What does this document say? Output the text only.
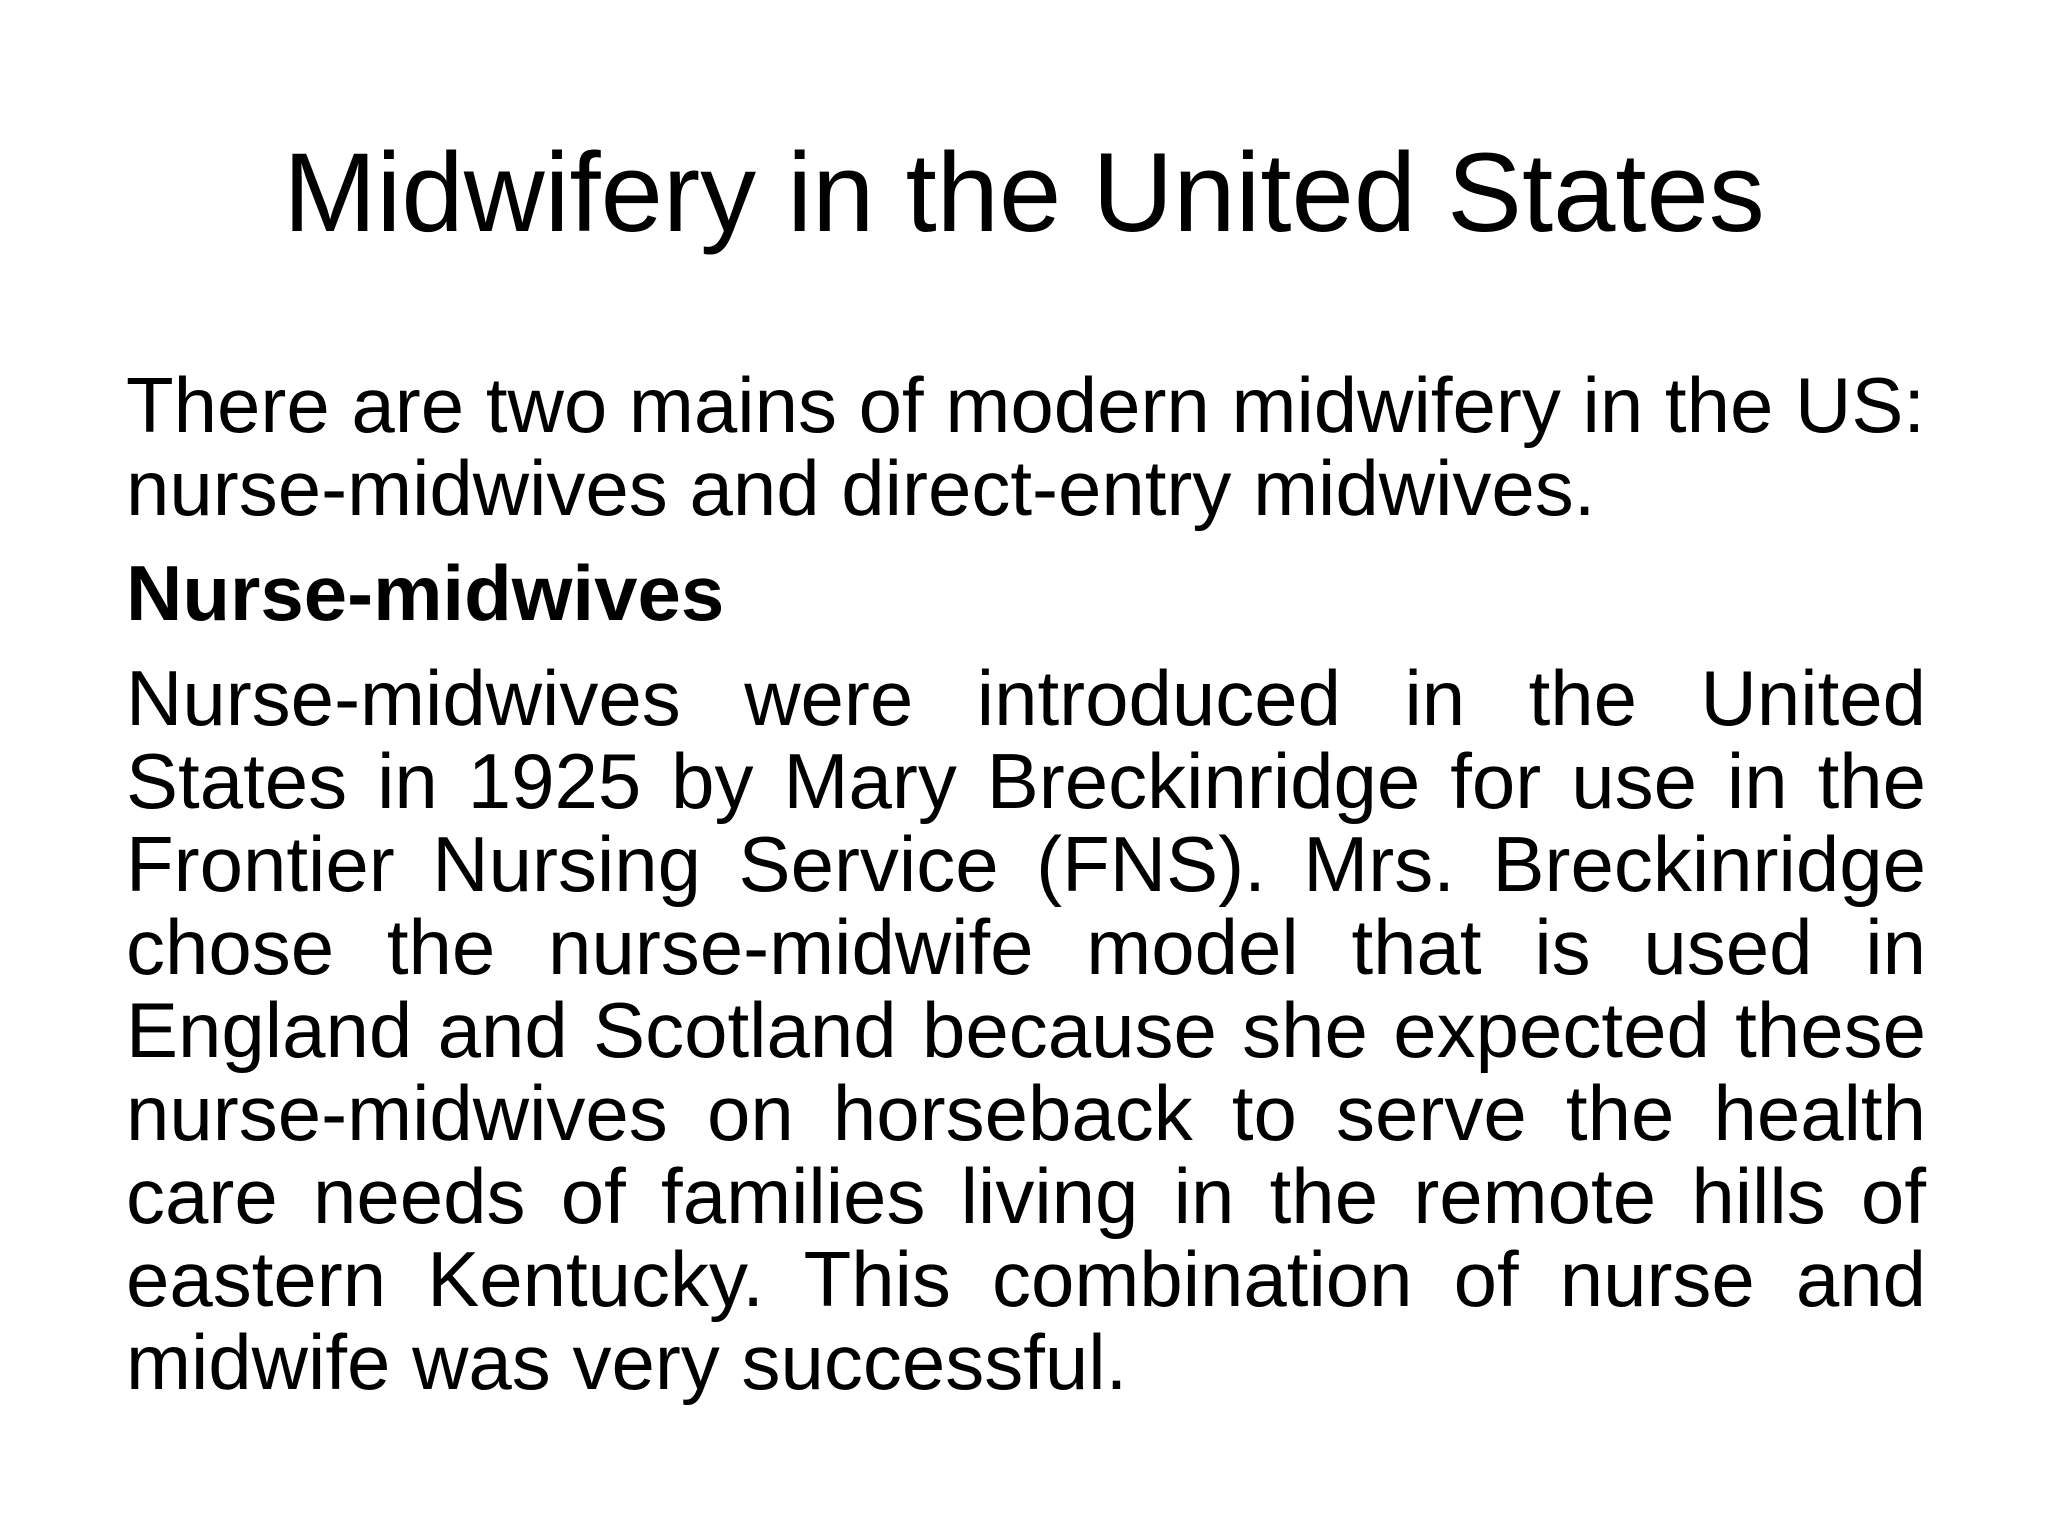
Midwifery in the United States

There are two mains of modern midwifery in the US: nurse-midwives and direct-entry midwives.

Nurse-midwives

Nurse-midwives were introduced in the United States in 1925 by Mary Breckinridge for use in the Frontier Nursing Service (FNS). Mrs. Breckinridge chose the nurse-midwife model that is used in England and Scotland because she expected these nurse-midwives on horseback to serve the health care needs of families living in the remote hills of eastern Kentucky. This combination of nurse and midwife was very successful.
